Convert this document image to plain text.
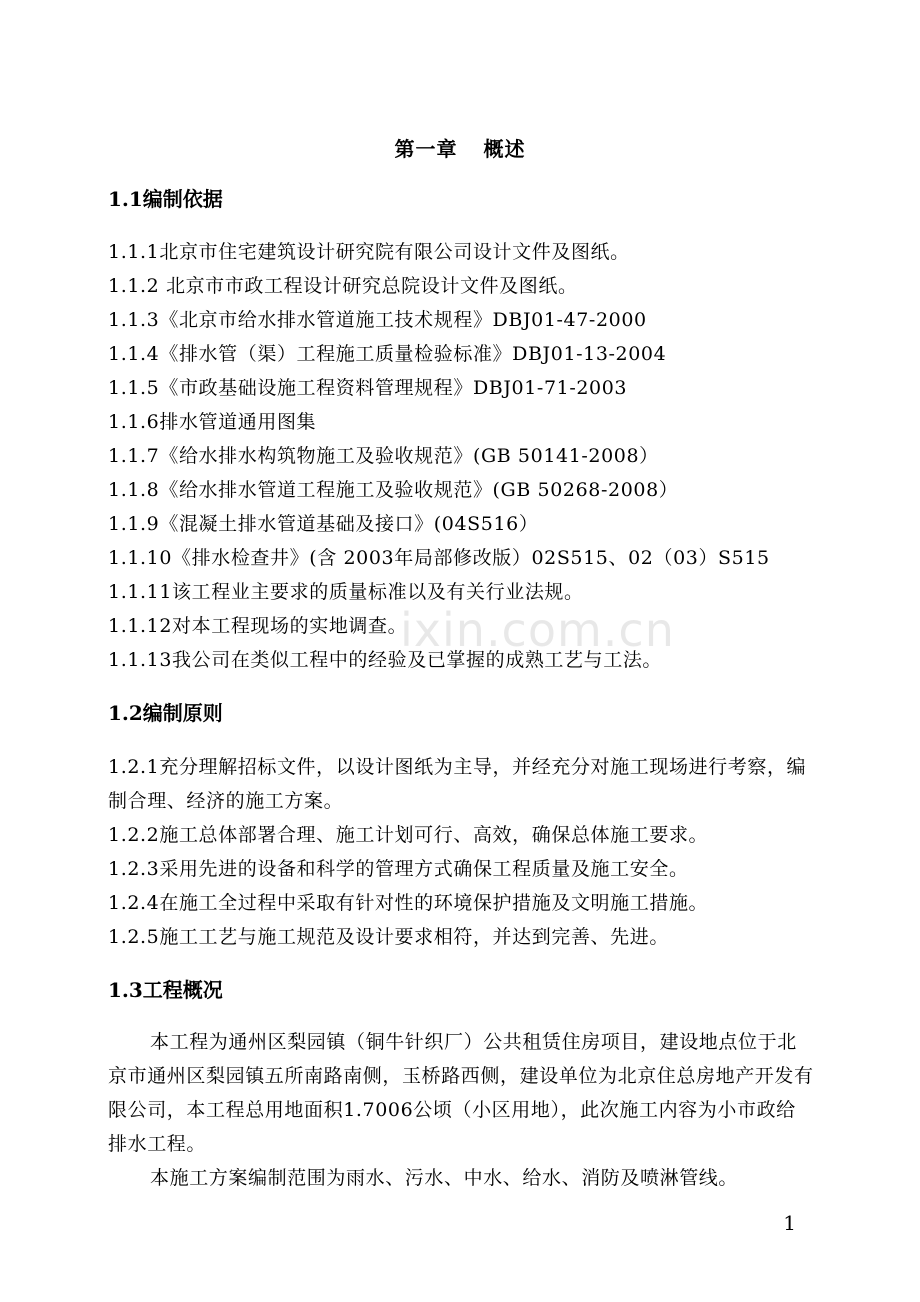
第一章 概述
1.1编制依据
1.1.1北京市住宅建筑设计研究院有限公司设计文件及图纸。
1.1.2 北京市市政工程设计研究总院设计文件及图纸。
1.1.3《北京市给水排水管道施工技术规程》DBJ01-47-2000
1.1.4《排水管（渠）工程施工质量检验标准》DBJ01-13-2004
1.1.5《市政基础设施工程资料管理规程》DBJ01-71-2003
1.1.6排水管道通用图集
1.1.7《给水排水构筑物施工及验收规范》(GB 50141-2008）
1.1.8《给水排水管道工程施工及验收规范》(GB 50268-2008）
1.1.9《混凝土排水管道基础及接口》(04S516）
1.1.10《排水检查井》(含 2003年局部修改版）02S515、02（03）S515
1.1.11该工程业主要求的质量标准以及有关行业法规。
1.1.12对本工程现场的实地调查。
1.1.13我公司在类似工程中的经验及已掌握的成熟工艺与工法。
1.2编制原则
1.2.1充分理解招标文件，以设计图纸为主导，并经充分对施工现场进行考察，编制合理、经济的施工方案。
1.2.2施工总体部署合理、施工计划可行、高效，确保总体施工要求。
1.2.3采用先进的设备和科学的管理方式确保工程质量及施工安全。
1.2.4在施工全过程中采取有针对性的环境保护措施及文明施工措施。
1.2.5施工工艺与施工规范及设计要求相符，并达到完善、先进。
1.3工程概况
本工程为通州区梨园镇（铜牛针织厂）公共租赁住房项目，建设地点位于北京市通州区梨园镇五所南路南侧，玉桥路西侧，建设单位为北京住总房地产开发有限公司，本工程总用地面积1.7006公顷（小区用地），此次施工内容为小市政给排水工程。
本施工方案编制范围为雨水、污水、中水、给水、消防及喷淋管线。
ixin.com.cn
1
